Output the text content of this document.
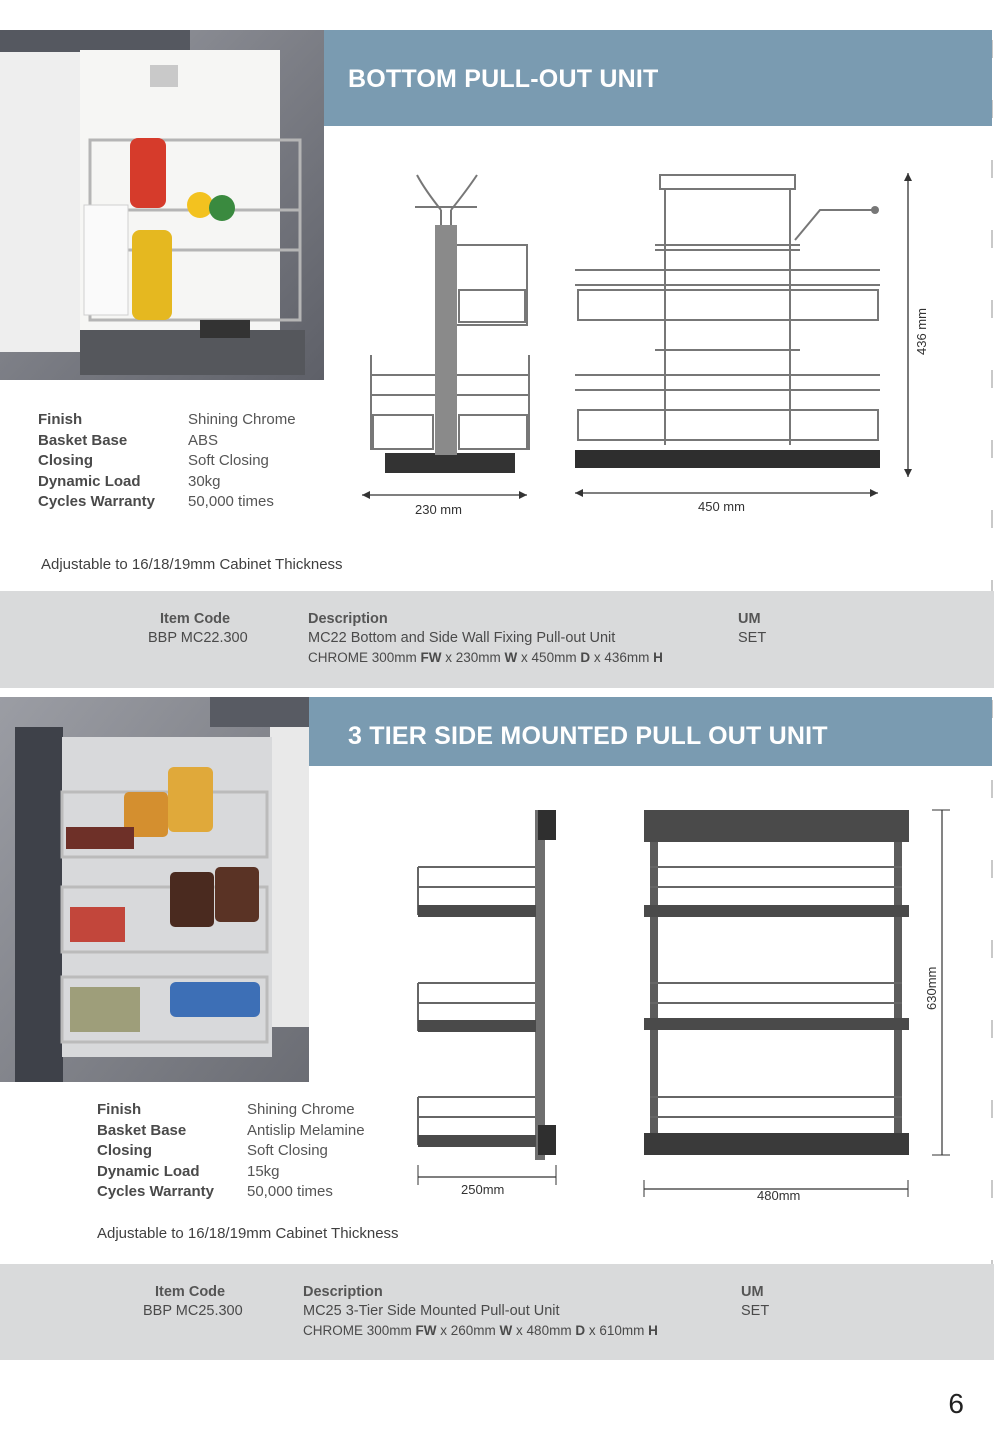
BOTTOM PULL-OUT UNIT
Finish	Shining Chrome
Basket Base	ABS
Closing	Soft Closing
Dynamic Load	30kg
Cycles Warranty	50,000 times
Adjustable to 16/18/19mm Cabinet Thickness
230 mm	450 mm
436 mm
Item Code
BBP MC22.300
Description
MC22 Bottom and Side Wall Fixing Pull-out Unit
CHROME 300mm FW x 230mm W x 450mm D x 436mm H
UM
SET
3 TIER SIDE MOUNTED PULL OUT UNIT
Finish	Shining Chrome
Basket Base	Antislip Melamine
Closing	Soft Closing
Dynamic Load	15kg
Cycles Warranty	50,000 times
Adjustable to 16/18/19mm Cabinet Thickness
250mm	480mm
630mm
Item Code
BBP MC25.300
Description
MC25 3-Tier Side Mounted Pull-out Unit
CHROME 300mm FW x 260mm W x 480mm D x 610mm H
UM
SET
6
